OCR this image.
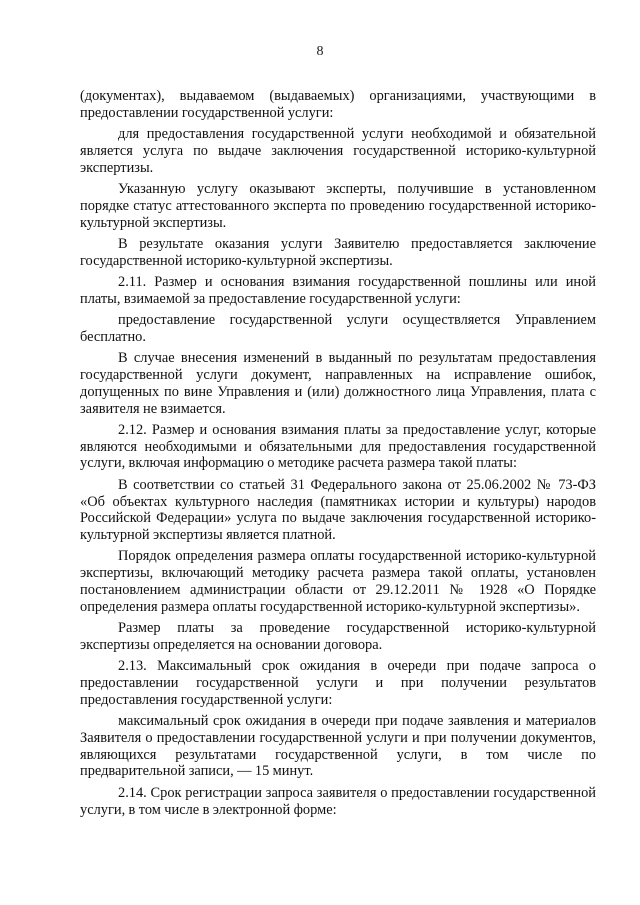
8

(документах), выдаваемом (выдаваемых) организациями, участвующими в предоставлении государственной услуги:

для предоставления государственной услуги необходимой и обязательной является услуга по выдаче заключения государственной историко-культурной экспертизы.

Указанную услугу оказывают эксперты, получившие в установленном порядке статус аттестованного эксперта по проведению государственной историко-культурной экспертизы.

В результате оказания услуги Заявителю предоставляется заключение государственной историко-культурной экспертизы.

2.11. Размер и основания взимания государственной пошлины или иной платы, взимаемой за предоставление государственной услуги:

предоставление государственной услуги осуществляется Управлением бесплатно.

В случае внесения изменений в выданный по результатам предоставления государственной услуги документ, направленных на исправление ошибок, допущенных по вине Управления и (или) должностного лица Управления, плата с заявителя не взимается.

2.12. Размер и основания взимания платы за предоставление услуг, которые являются необходимыми и обязательными для предоставления государственной услуги, включая информацию о методике расчета размера такой платы:

В соответствии со статьей 31 Федерального закона от 25.06.2002 № 73-ФЗ «Об объектах культурного наследия (памятниках истории и культуры) народов Российской Федерации» услуга по выдаче заключения государственной историко-культурной экспертизы является платной.

Порядок определения размера оплаты государственной историко-культурной экспертизы, включающий методику расчета размера такой оплаты, установлен постановлением администрации области от 29.12.2011 № 1928 «О Порядке определения размера оплаты государственной историко-культурной экспертизы».

Размер платы за проведение государственной историко-культурной экспертизы определяется на основании договора.

2.13. Максимальный срок ожидания в очереди при подаче запроса о предоставлении государственной услуги и при получении результатов предоставления государственной услуги:

максимальный срок ожидания в очереди при подаче заявления и материалов Заявителя о предоставлении государственной услуги и при получении документов, являющихся результатами государственной услуги, в том числе по предварительной записи, — 15 минут.

2.14. Срок регистрации запроса заявителя о предоставлении государственной услуги, в том числе в электронной форме:
